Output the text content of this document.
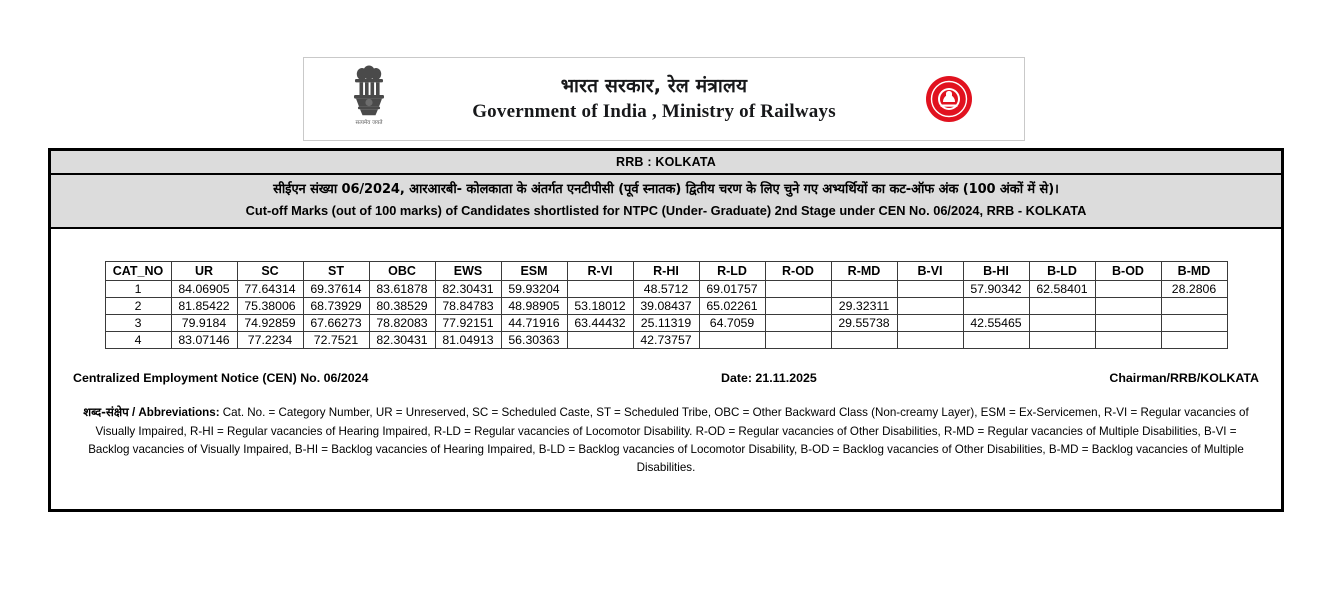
सत्यमेव जयते
भारत सरकार, रेल मंत्रालय
Government of India , Ministry of Railways
RRB : KOLKATA
सीईएन संख्या 06/2024, आरआरबी- कोलकाता के अंतर्गत एनटीपीसी (पूर्व स्नातक) द्वितीय चरण के लिए चुने गए अभ्यर्थियों का कट-ऑफ अंक (100 अंकों में से)।
Cut-off Marks (out of 100 marks) of Candidates shortlisted for NTPC (Under- Graduate) 2nd Stage under CEN No. 06/2024, RRB - KOLKATA
CAT_NO	UR	SC	ST	OBC	EWS	ESM	R-VI	R-HI	R-LD	R-OD	R-MD	B-VI	B-HI	B-LD	B-OD	B-MD
1	84.06905	77.64314	69.37614	83.61878	82.30431	59.93204		48.5712	69.01757				57.90342	62.58401		28.2806
2	81.85422	75.38006	68.73929	80.38529	78.84783	48.98905	53.18012	39.08437	65.02261		29.32311					
3	79.9184	74.92859	67.66273	78.82083	77.92151	44.71916	63.44432	25.11319	64.7059		29.55738		42.55465			
4	83.07146	77.2234	72.7521	82.30431	81.04913	56.30363		42.73757								
Centralized Employment Notice (CEN) No. 06/2024	Date: 21.11.2025	Chairman/RRB/KOLKATA
शब्द-संक्षेप / Abbreviations: Cat. No. = Category Number, UR = Unreserved, SC = Scheduled Caste, ST = Scheduled Tribe, OBC = Other Backward Class (Non-creamy Layer), ESM = Ex-Servicemen, R-VI = Regular vacancies of Visually Impaired, R-HI = Regular vacancies of Hearing Impaired, R-LD = Regular vacancies of Locomotor Disability. R-OD = Regular vacancies of Other Disabilities, R-MD = Regular vacancies of Multiple Disabilities, B-VI = Backlog vacancies of Visually Impaired, B-HI = Backlog vacancies of Hearing Impaired, B-LD = Backlog vacancies of Locomotor Disability, B-OD = Backlog vacancies of Other Disabilities, B-MD = Backlog vacancies of Multiple Disabilities.
